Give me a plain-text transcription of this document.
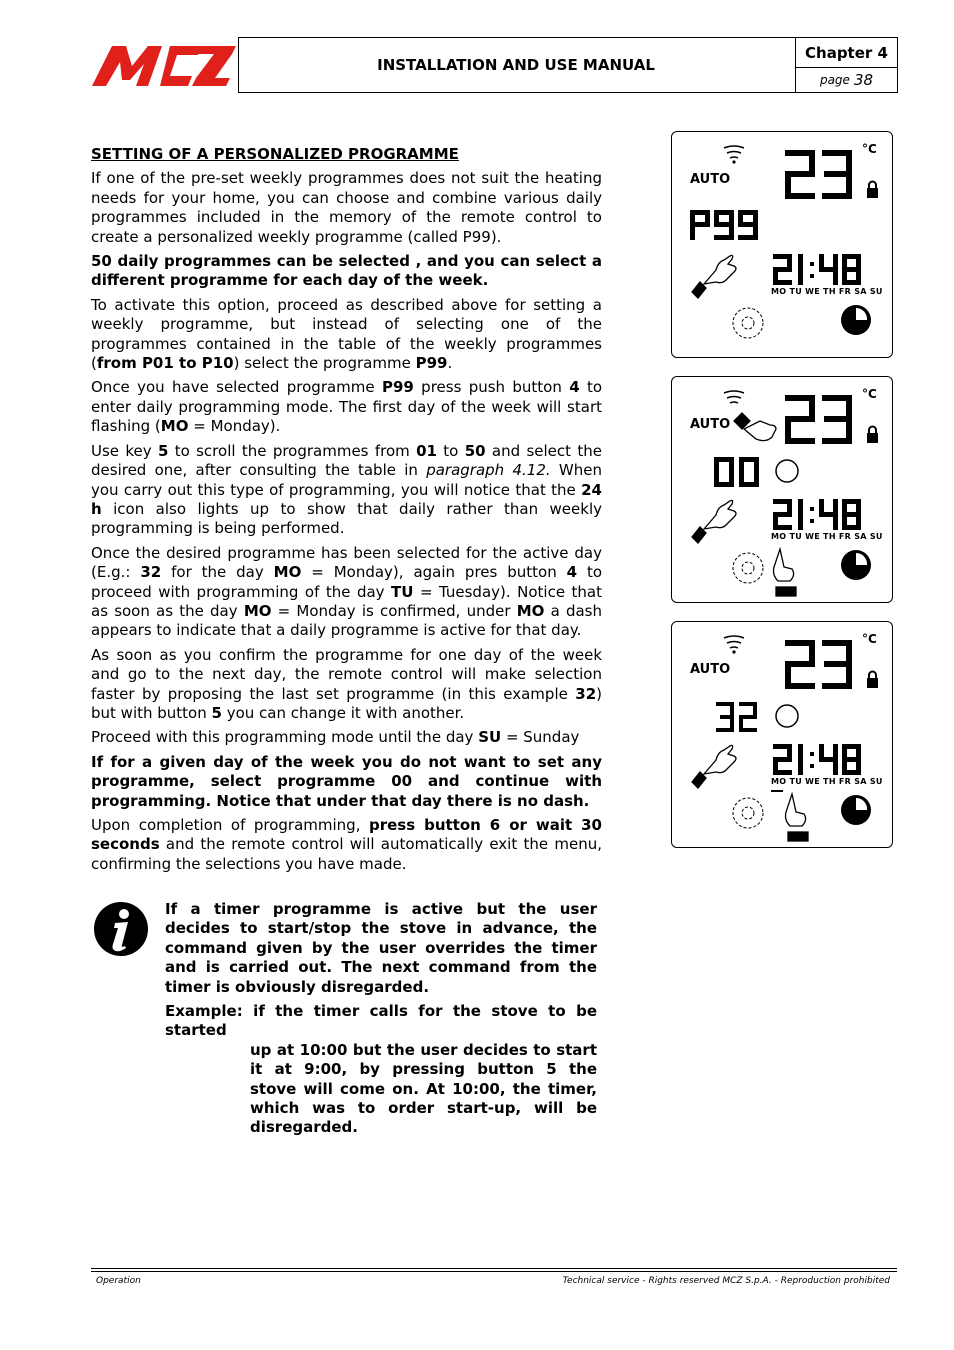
INSTALLATION AND USE MANUAL
Chapter 4
page 38
SETTING OF A PERSONALIZED PROGRAMME

If one of the pre-set weekly programmes does not suit the heating needs for your home, you can choose and combine various daily programmes included in the memory of the remote control to create a personalized weekly programme (called P99).

50 daily programmes can be selected , and you can select a different programme for each day of the week.

To activate this option, proceed as described above for setting a weekly programme, but instead of selecting one of the programmes contained in the table of the weekly programmes (from P01 to P10) select the programme P99.

Once you have selected programme P99 press push button 4 to enter daily programming mode. The first day of the week will start flashing (MO = Monday).

Use key 5 to scroll the programmes from 01 to 50 and select the desired one, after consulting the table in paragraph 4.12. When you carry out this type of programming, you will notice that the 24 h icon also lights up to show that daily rather than weekly programming is being performed.

Once the desired programme has been selected for the active day (E.g.: 32 for the day MO = Monday), again pres button 4 to proceed with programming of the day TU = Tuesday). Notice that as soon as the day MO = Monday is confirmed, under MO a dash appears to indicate that a daily programme is active for that day.

As soon as you confirm the programme for one day of the week and go to the next day, the remote control will make selection faster by proposing the last set programme (in this example 32) but with button 5 you can change it with another.

Proceed with this programming mode until the day SU = Sunday

If for a given day of the week you do not want to set any programme, select programme 00 and continue with programming. Notice that under that day there is no dash.

Upon completion of programming, press button 6 or wait 30 seconds and the remote control will automatically exit the menu, confirming the selections you have made.

If a timer programme is active but the user decides to start/stop the stove in advance, the command given by the user overrides the timer and is carried out. The next command from the timer is obviously disregarded.

Example: if the timer calls for the stove to be started
up at 10:00 but the user decides to start it at 9:00, by pressing button 5 the stove will come on. At 10:00, the timer, which was to order start-up, will be disregarded.
AUTO
°C
MO TU WE TH FR SA SU
AUTO
°C
MO TU WE TH FR SA SU
AUTO
°C
MO TU WE TH FR SA SU
Operation	Technical service - Rights reserved MCZ S.p.A. - Reproduction prohibited
